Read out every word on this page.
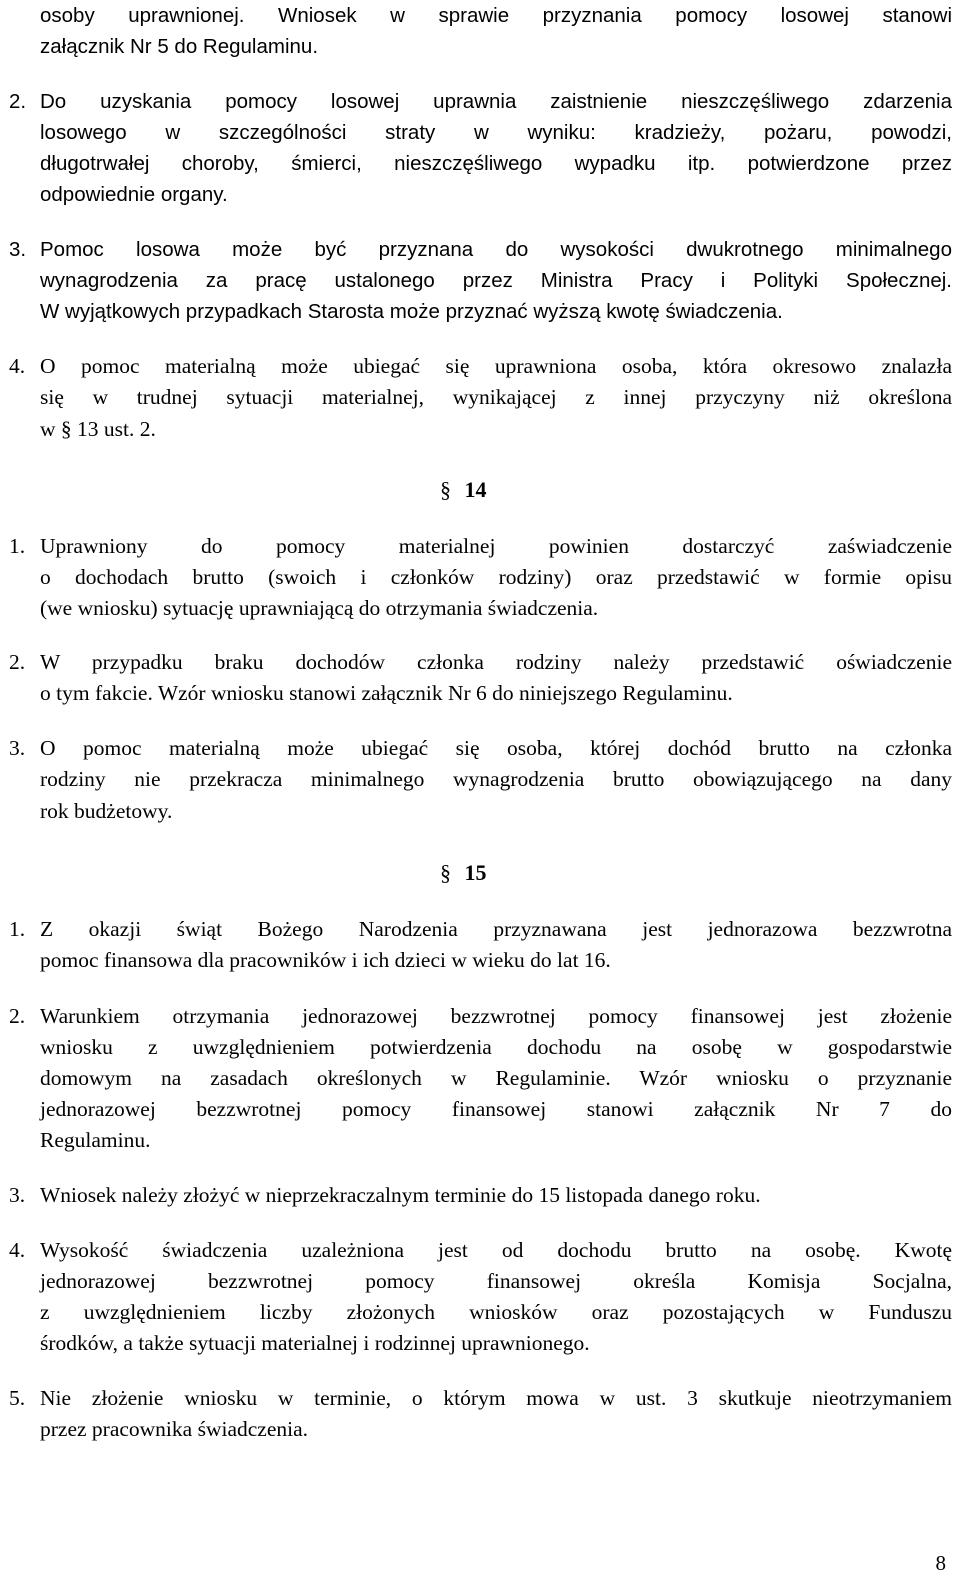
osoby uprawnionej. Wniosek w sprawie przyznania pomocy losowej stanowi
załącznik Nr 5 do Regulaminu.
2. Do uzyskania pomocy losowej uprawnia zaistnienie nieszczęśliwego zdarzenia
losowego w szczególności straty w wyniku: kradzieży, pożaru, powodzi,
długotrwałej choroby, śmierci, nieszczęśliwego wypadku itp. potwierdzone przez
odpowiednie organy.
3. Pomoc losowa może być przyznana do wysokości dwukrotnego minimalnego
wynagrodzenia za pracę ustalonego przez Ministra Pracy i Polityki Społecznej.
W wyjątkowych przypadkach Starosta może przyznać wyższą kwotę świadczenia.
4. O pomoc materialną może ubiegać się uprawniona osoba, która okresowo znalazła
się w trudnej sytuacji materialnej, wynikającej z innej przyczyny niż określona
w § 13 ust. 2.
§ 14
1. Uprawniony do pomocy materialnej powinien dostarczyć zaświadczenie
o dochodach brutto (swoich i członków rodziny) oraz przedstawić w formie opisu
(we wniosku) sytuację uprawniającą do otrzymania świadczenia.
2. W przypadku braku dochodów członka rodziny należy przedstawić oświadczenie
o tym fakcie. Wzór wniosku stanowi załącznik Nr 6 do niniejszego Regulaminu.
3. O pomoc materialną może ubiegać się osoba, której dochód brutto na członka
rodziny nie przekracza minimalnego wynagrodzenia brutto obowiązującego na dany
rok budżetowy.
§ 15
1. Z okazji świąt Bożego Narodzenia przyznawana jest jednorazowa bezzwrotna
pomoc finansowa dla pracowników i ich dzieci w wieku do lat 16.
2. Warunkiem otrzymania jednorazowej bezzwrotnej pomocy finansowej jest złożenie
wniosku z uwzględnieniem potwierdzenia dochodu na osobę w gospodarstwie
domowym na zasadach określonych w Regulaminie. Wzór wniosku o przyznanie
jednorazowej bezzwrotnej pomocy finansowej stanowi załącznik Nr 7 do
Regulaminu.
3. Wniosek należy złożyć w nieprzekraczalnym terminie do 15 listopada danego roku.
4. Wysokość świadczenia uzależniona jest od dochodu brutto na osobę. Kwotę
jednorazowej bezzwrotnej pomocy finansowej określa Komisja Socjalna,
z uwzględnieniem liczby złożonych wniosków oraz pozostających w Funduszu
środków, a także sytuacji materialnej i rodzinnej uprawnionego.
5. Nie złożenie wniosku w terminie, o którym mowa w ust. 3 skutkuje nieotrzymaniem
przez pracownika świadczenia.
8
